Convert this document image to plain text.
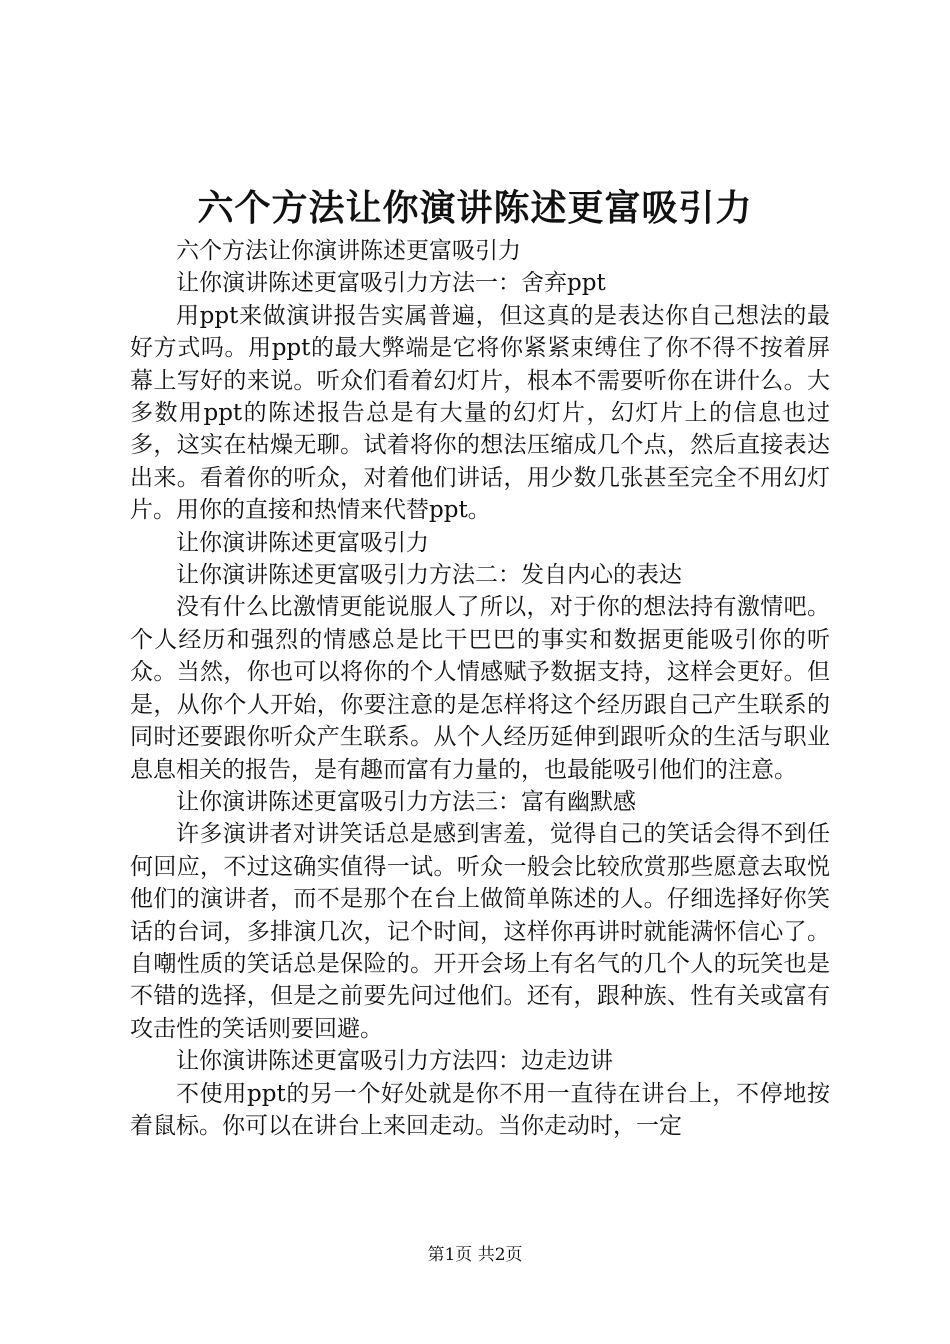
六个方法让你演讲陈述更富吸引力

六个方法让你演讲陈述更富吸引力

让你演讲陈述更富吸引力方法一：舍弃ppt

用ppt来做演讲报告实属普遍，但这真的是表达你自己想法的最好方式吗。用ppt的最大弊端是它将你紧紧束缚住了你不得不按着屏幕上写好的来说。听众们看着幻灯片，根本不需要听你在讲什么。大多数用ppt的陈述报告总是有大量的幻灯片，幻灯片上的信息也过多，这实在枯燥无聊。试着将你的想法压缩成几个点，然后直接表达出来。看着你的听众，对着他们讲话，用少数几张甚至完全不用幻灯片。用你的直接和热情来代替ppt。

让你演讲陈述更富吸引力

让你演讲陈述更富吸引力方法二：发自内心的表达

没有什么比激情更能说服人了所以，对于你的想法持有激情吧。个人经历和强烈的情感总是比干巴巴的事实和数据更能吸引你的听众。当然，你也可以将你的个人情感赋予数据支持，这样会更好。但是，从你个人开始，你要注意的是怎样将这个经历跟自己产生联系的同时还要跟你听众产生联系。从个人经历延伸到跟听众的生活与职业息息相关的报告，是有趣而富有力量的，也最能吸引他们的注意。

让你演讲陈述更富吸引力方法三：富有幽默感

许多演讲者对讲笑话总是感到害羞，觉得自己的笑话会得不到任何回应，不过这确实值得一试。听众一般会比较欣赏那些愿意去取悦他们的演讲者，而不是那个在台上做简单陈述的人。仔细选择好你笑话的台词，多排演几次，记个时间，这样你再讲时就能满怀信心了。自嘲性质的笑话总是保险的。开开会场上有名气的几个人的玩笑也是不错的选择，但是之前要先问过他们。还有，跟种族、性有关或富有攻击性的笑话则要回避。

让你演讲陈述更富吸引力方法四：边走边讲

不使用ppt的另一个好处就是你不用一直待在讲台上，不停地按着鼠标。你可以在讲台上来回走动。当你走动时，一定

第1页 共2页
